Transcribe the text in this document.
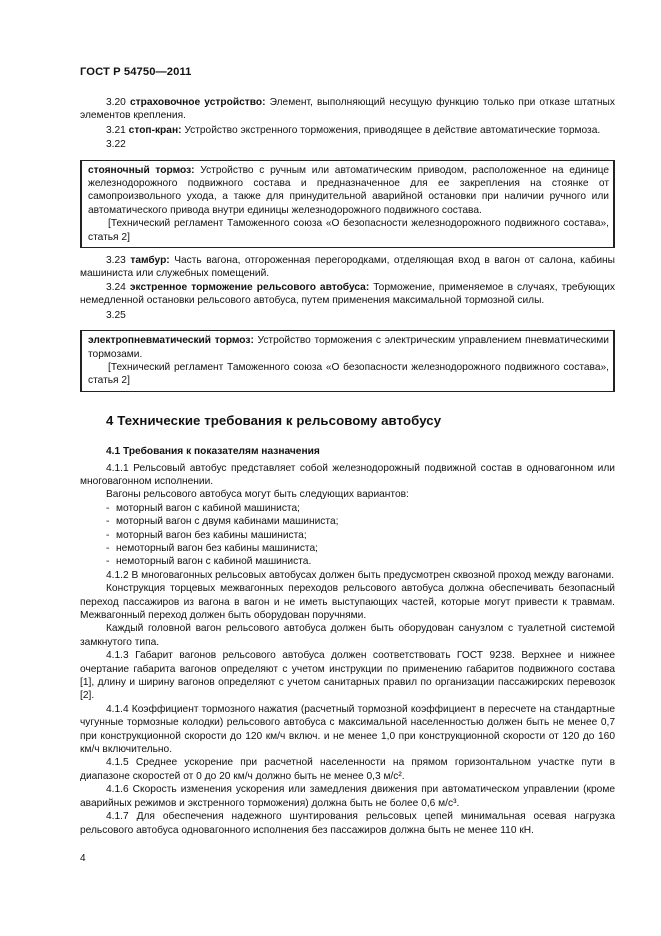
ГОСТ Р 54750—2011

3.20 страховочное устройство: Элемент, выполняющий несущую функцию только при отказе штатных элементов крепления.

3.21 стоп-кран: Устройство экстренного торможения, приводящее в действие автоматические тормоза.

3.22

стояночный тормоз: Устройство с ручным или автоматическим приводом, расположенное на единице железнодорожного подвижного состава и предназначенное для ее закрепления на стоянке от самопроизвольного ухода, а также для принудительной аварийной остановки при наличии ручного или автоматического привода внутри единицы железнодорожного подвижного состава.

[Технический регламент Таможенного союза «О безопасности железнодорожного подвижного состава», статья 2]

3.23 тамбур: Часть вагона, отгороженная перегородками, отделяющая вход в вагон от салона, кабины машиниста или служебных помещений.

3.24 экстренное торможение рельсового автобуса: Торможение, применяемое в случаях, требующих немедленной остановки рельсового автобуса, путем применения максимальной тормозной силы.

3.25

электропневматический тормоз: Устройство торможения с электрическим управлением пневматическими тормозами.

[Технический регламент Таможенного союза «О безопасности железнодорожного подвижного состава», статья 2]

4 Технические требования к рельсовому автобусу
4.1 Требования к показателям назначения

4.1.1 Рельсовый автобус представляет собой железнодорожный подвижной состав в одновагонном или многовагонном исполнении.

Вагоны рельсового автобуса могут быть следующих вариантов:

- моторный вагон с кабиной машиниста;
- моторный вагон с двумя кабинами машиниста;
- моторный вагон без кабины машиниста;
- немоторный вагон без кабины машиниста;
- немоторный вагон с кабиной машиниста.

4.1.2 В многовагонных рельсовых автобусах должен быть предусмотрен сквозной проход между вагонами.

Конструкция торцевых межвагонных переходов рельсового автобуса должна обеспечивать безопасный переход пассажиров из вагона в вагон и не иметь выступающих частей, которые могут привести к травмам. Межвагонный переход должен быть оборудован поручнями.

Каждый головной вагон рельсового автобуса должен быть оборудован санузлом с туалетной системой замкнутого типа.

4.1.3 Габарит вагонов рельсового автобуса должен соответствовать ГОСТ 9238. Верхнее и нижнее очертание габарита вагонов определяют с учетом инструкции по применению габаритов подвижного состава [1], длину и ширину вагонов определяют с учетом санитарных правил по организации пассажирских перевозок [2].

4.1.4 Коэффициент тормозного нажатия (расчетный тормозной коэффициент в пересчете на стандартные чугунные тормозные колодки) рельсового автобуса с максимальной населенностью должен быть не менее 0,7 при конструкционной скорости до 120 км/ч включ. и не менее 1,0 при конструкционной скорости от 120 до 160 км/ч включительно.

4.1.5 Среднее ускорение при расчетной населенности на прямом горизонтальном участке пути в диапазоне скоростей от 0 до 20 км/ч должно быть не менее 0,3 м/с².

4.1.6 Скорость изменения ускорения или замедления движения при автоматическом управлении (кроме аварийных режимов и экстренного торможения) должна быть не более 0,6 м/с³.

4.1.7 Для обеспечения надежного шунтирования рельсовых цепей минимальная осевая нагрузка рельсового автобуса одновагонного исполнения без пассажиров должна быть не менее 110 кН.

4
